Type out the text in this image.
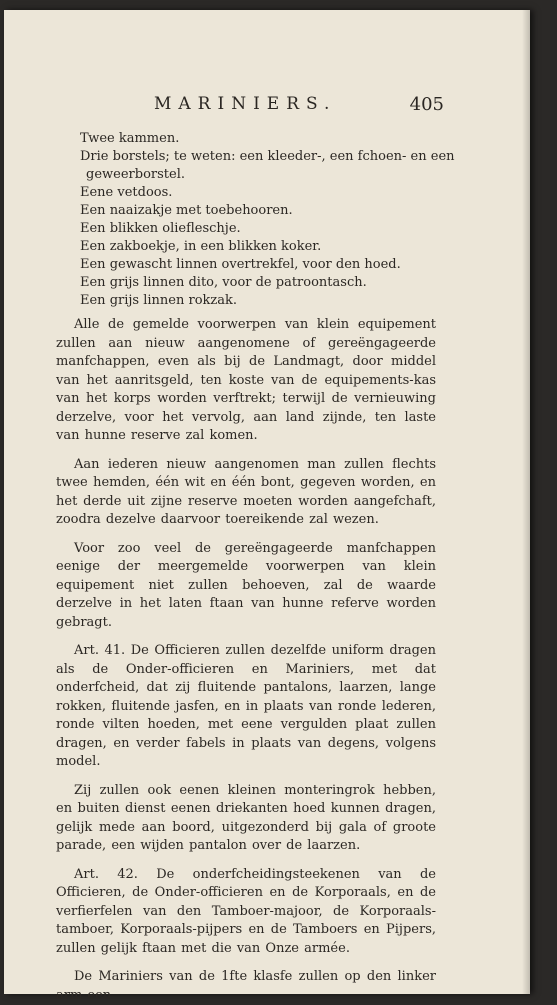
MARINIERS.	405
Twee kammen.
Drie borstels; te weten: een kleeder-, een fchoen- en een
geweerborstel.
Eene vetdoos.
Een naaizakje met toebehooren.
Een blikken oliefleschje.
Een zakboekje, in een blikken koker.
Een gewascht linnen overtrekfel, voor den hoed.
Een grijs linnen dito, voor de patroontasch.
Een grijs linnen rokzak.

Alle de gemelde voorwerpen van klein equipement zullen aan nieuw aangenomene of gereëngageerde manfchappen, even als bij de Landmagt, door middel van het aanritsgeld, ten koste van de equipements-kas van het korps worden verftrekt; terwijl de vernieuwing derzelve, voor het vervolg, aan land zijnde, ten laste van hunne reserve zal komen.

Aan iederen nieuw aangenomen man zullen flechts twee hemden, één wit en één bont, gegeven worden, en het derde uit zijne reserve moeten worden aangefchaft, zoodra dezelve daarvoor toereikende zal wezen.

Voor zoo veel de gereëngageerde manfchappen eenige der meergemelde voorwerpen van klein equipement niet zullen behoeven, zal de waarde derzelve in het laten ftaan van hunne referve worden gebragt.

Art. 41. De Officieren zullen dezelfde uniform dragen als de Onder-officieren en Mariniers, met dat onderfcheid, dat zij fluitende pantalons, laarzen, lange rokken, fluitende jasfen, en in plaats van ronde lederen, ronde vilten hoeden, met eene vergulden plaat zullen dragen, en verder fabels in plaats van degens, volgens model.

Zij zullen ook eenen kleinen monteringrok hebben, en buiten dienst eenen driekanten hoed kunnen dragen, gelijk mede aan boord, uitgezonderd bij gala of groote parade, een wijden pantalon over de laarzen.

Art. 42. De onderfcheidingsteekenen van de Officieren, de Onder-officieren en de Korporaals, en de verfierfelen van den Tamboer-majoor, de Korporaals-tamboer, Korporaals-pijpers en de Tamboers en Pijpers, zullen gelijk ftaan met die van Onze armée.

De Mariniers van de 1fte klasfe zullen op den linker arm een
